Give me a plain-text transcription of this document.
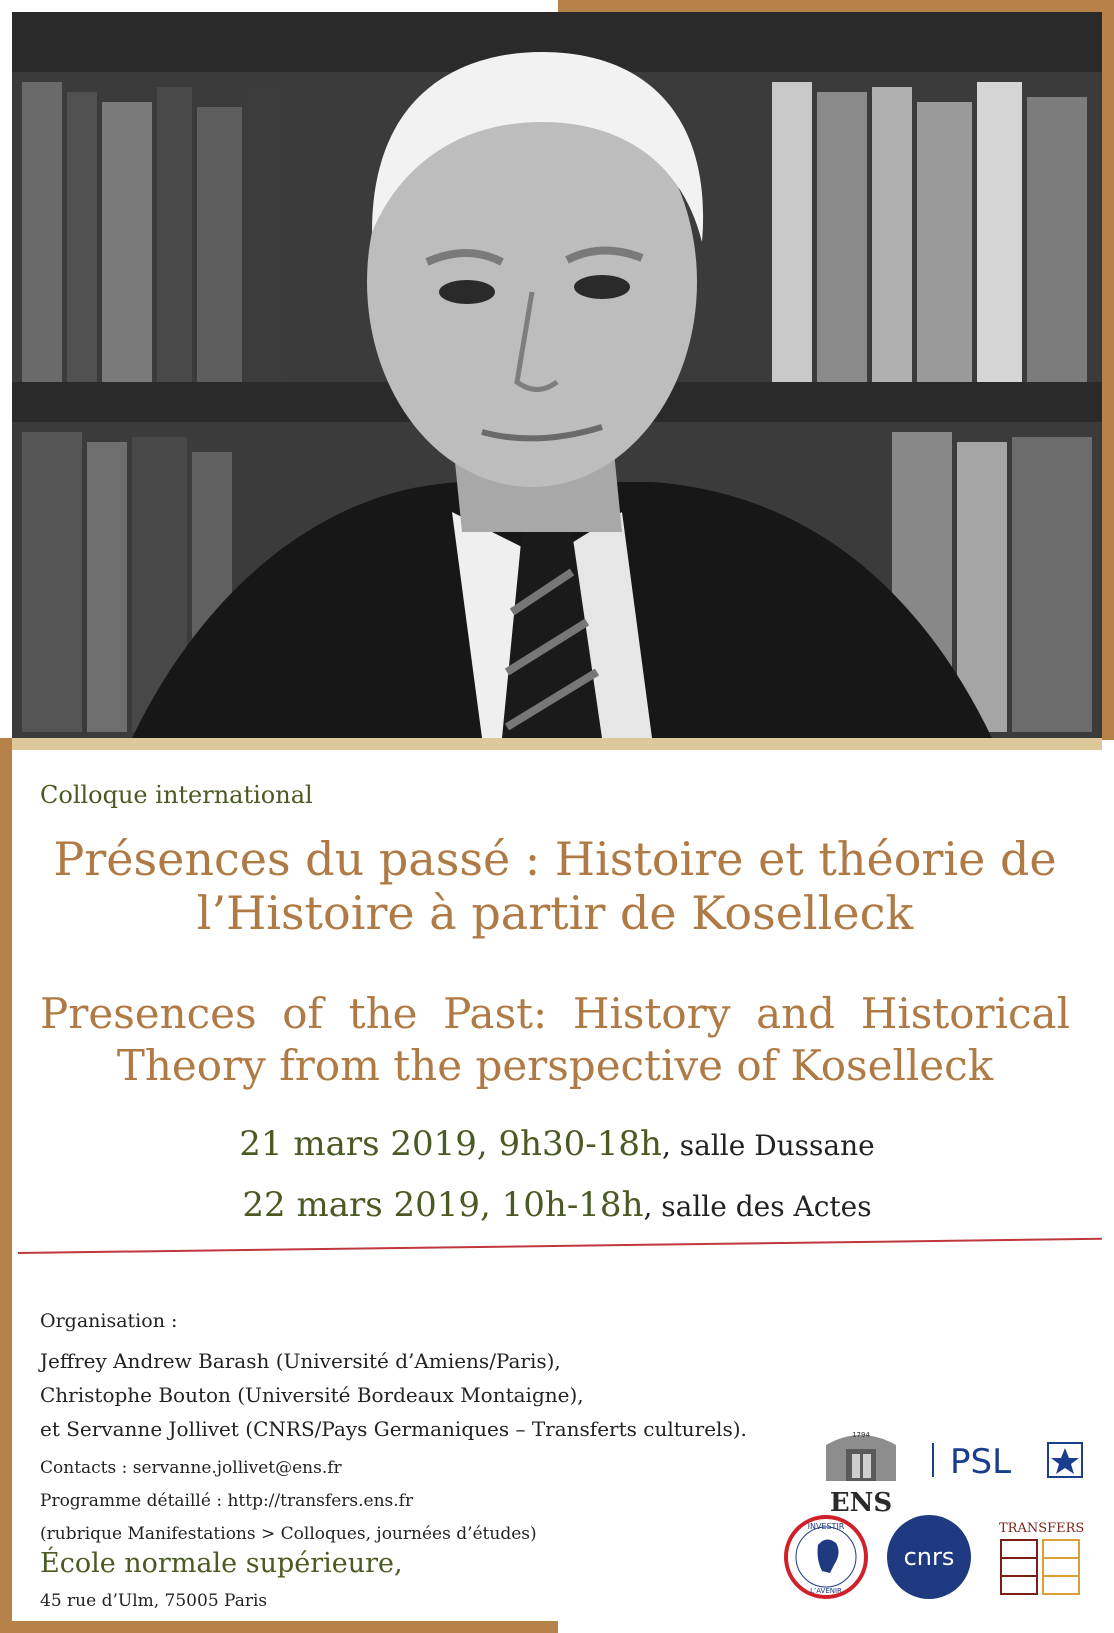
Colloque international
Présences du passé : Histoire et théorie de l’Histoire à partir de Koselleck
Presences of the Past: History and Historical
Theory from the perspective of Koselleck
21 mars 2019, 9h30-18h, salle Dussane
22 mars 2019, 10h-18h, salle des Actes
Organisation :
Jeffrey Andrew Barash (Université d’Amiens/Paris),
Christophe Bouton (Université Bordeaux Montaigne),
et Servanne Jollivet (CNRS/Pays Germaniques – Transferts culturels).
Contacts : servanne.jollivet@ens.fr
Programme détaillé : http://transfers.ens.fr
(rubrique Manifestations > Colloques, journées d’études)
École normale supérieure,
45 rue d’Ulm, 75005 Paris
1794
ENS
PSL
INVESTIR
L’AVENIR
cnrs
TRANSFERS
